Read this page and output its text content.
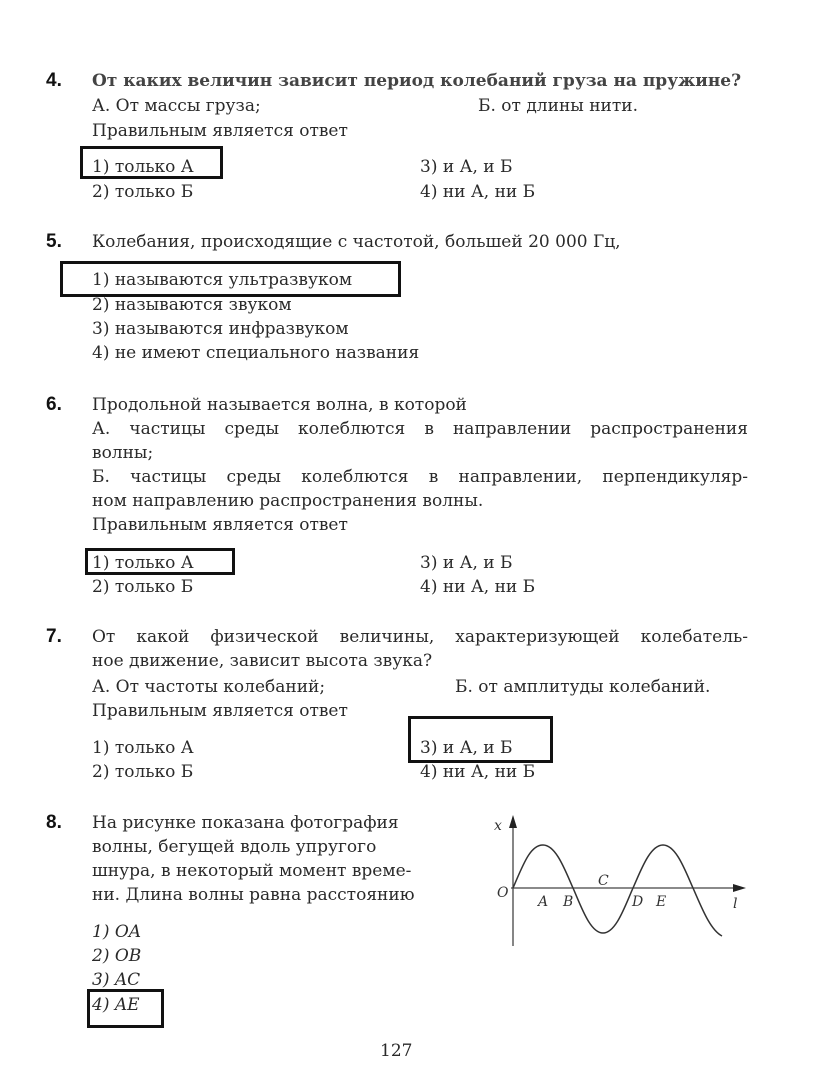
4. От каких величин зависит период колебаний груза на пружине?
А. От массы груза;	Б. от длины нити.
Правильным является ответ
1) только А
2) только Б
3) и А, и Б
4) ни А, ни Б
5. Колебания, происходящие с частотой, большей 20 000 Гц,
1) называются ультразвуком
2) называются звуком
3) называются инфразвуком
4) не имеют специального названия
6. Продольной называется волна, в которой
А. частицы среды колеблются в направлении распространения
волны;
Б. частицы среды колеблются в направлении, перпендикуляр-
ном направлению распространения волны.
Правильным является ответ
1) только А
2) только Б
3) и А, и Б
4) ни А, ни Б
7. От какой физической величины, характеризующей колебатель-
ное движение, зависит высота звука?
А. От частоты колебаний;	Б. от амплитуды колебаний.
Правильным является ответ
1) только А
2) только Б
3) и А, и Б
4) ни А, ни Б
8. На рисунке показана фотография
волны, бегущей вдоль упругого
шнура, в некоторый момент време-
ни. Длина волны равна расстоянию
1) OA
2) OB
3) AC
4) AE
x
O
A B
C
D E	l
127
